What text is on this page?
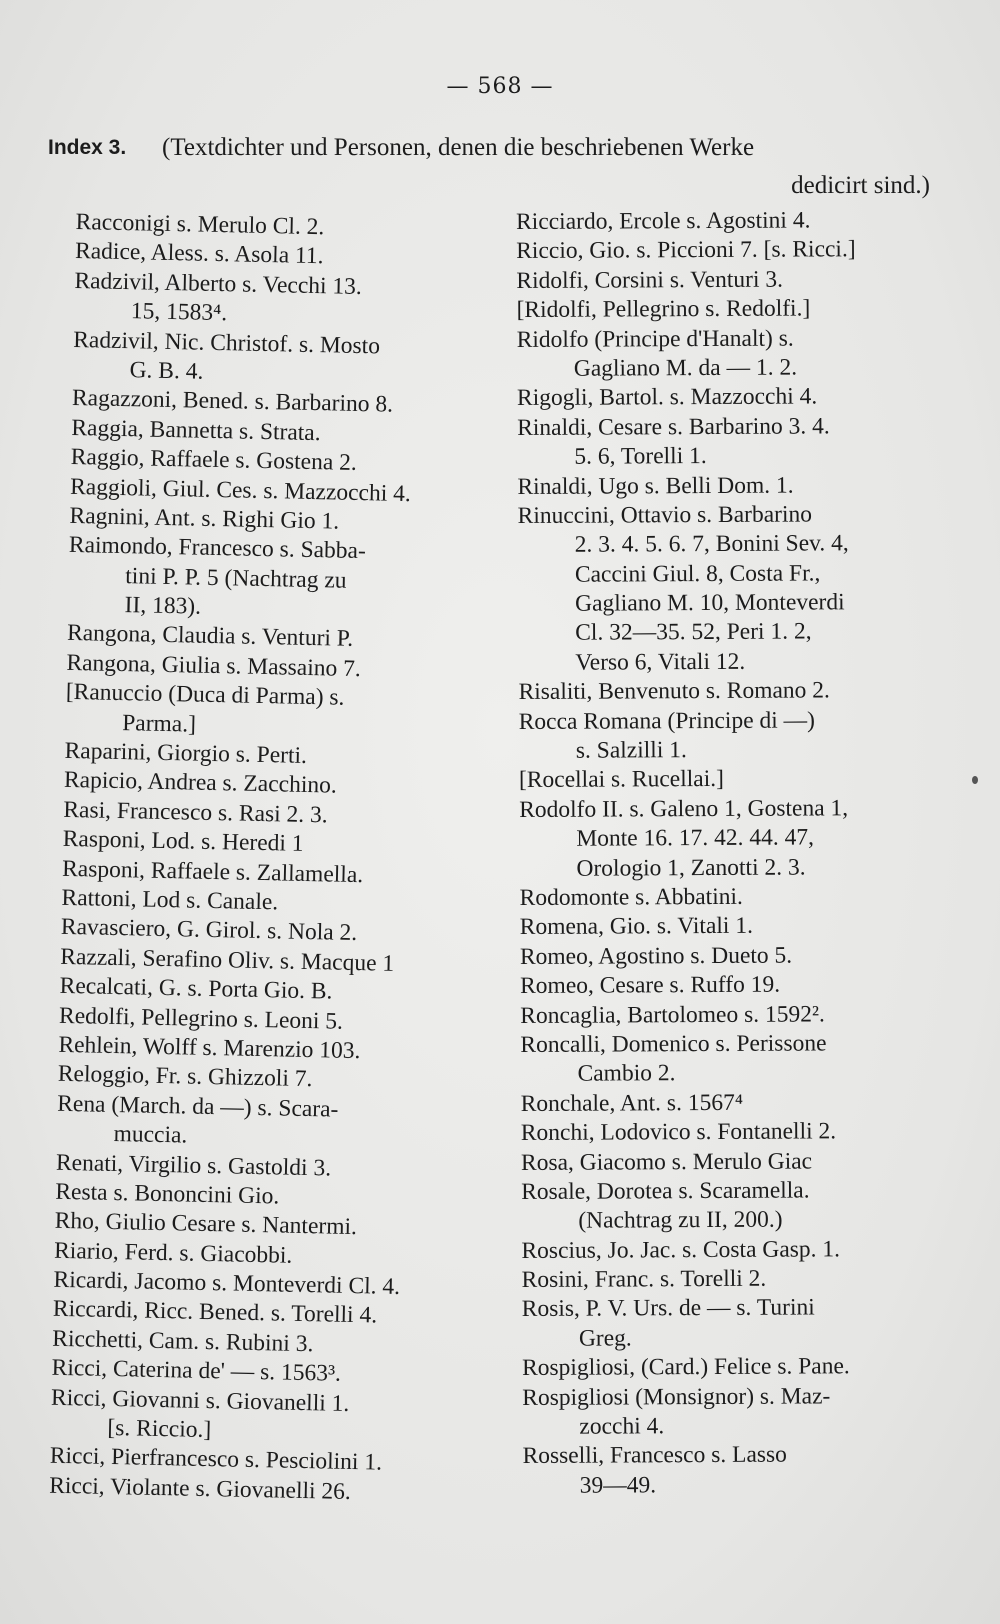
— 568 —
Index 3. (Textdichter und Personen, denen die beschriebenen Werke
dedicirt sind.)
Racconigi s. Merulo Cl. 2.
Radice, Aless. s. Asola 11.
Radzivil, Alberto s. Vecchi 13.
15, 1583⁴.
Radzivil, Nic. Christof. s. Mosto
G. B. 4.
Ragazzoni, Bened. s. Barbarino 8.
Raggia, Bannetta s. Strata.
Raggio, Raffaele s. Gostena 2.
Raggioli, Giul. Ces. s. Mazzocchi 4.
Ragnini, Ant. s. Righi Gio 1.
Raimondo, Francesco s. Sabba-
tini P. P. 5 (Nachtrag zu
II, 183).
Rangona, Claudia s. Venturi P.
Rangona, Giulia s. Massaino 7.
[Ranuccio (Duca di Parma) s.
Parma.]
Raparini, Giorgio s. Perti.
Rapicio, Andrea s. Zacchino.
Rasi, Francesco s. Rasi 2. 3.
Rasponi, Lod. s. Heredi 1
Rasponi, Raffaele s. Zallamella.
Rattoni, Lod s. Canale.
Ravasciero, G. Girol. s. Nola 2.
Razzali, Serafino Oliv. s. Macque 1
Recalcati, G. s. Porta Gio. B.
Redolfi, Pellegrino s. Leoni 5.
Rehlein, Wolff s. Marenzio 103.
Reloggio, Fr. s. Ghizzoli 7.
Rena (March. da —) s. Scara-
muccia.
Renati, Virgilio s. Gastoldi 3.
Resta s. Bononcini Gio.
Rho, Giulio Cesare s. Nantermi.
Riario, Ferd. s. Giacobbi.
Ricardi, Jacomo s. Monteverdi Cl. 4.
Riccardi, Ricc. Bened. s. Torelli 4.
Ricchetti, Cam. s. Rubini 3.
Ricci, Caterina de' — s. 1563³.
Ricci, Giovanni s. Giovanelli 1.
[s. Riccio.]
Ricci, Pierfrancesco s. Pesciolini 1.
Ricci, Violante s. Giovanelli 26.
Ricciardo, Ercole s. Agostini 4.
Riccio, Gio. s. Piccioni 7. [s. Ricci.]
Ridolfi, Corsini s. Venturi 3.
[Ridolfi, Pellegrino s. Redolfi.]
Ridolfo (Principe d'Hanalt) s.
Gagliano M. da — 1. 2.
Rigogli, Bartol. s. Mazzocchi 4.
Rinaldi, Cesare s. Barbarino 3. 4.
5. 6, Torelli 1.
Rinaldi, Ugo s. Belli Dom. 1.
Rinuccini, Ottavio s. Barbarino
2. 3. 4. 5. 6. 7, Bonini Sev. 4,
Caccini Giul. 8, Costa Fr.,
Gagliano M. 10, Monteverdi
Cl. 32—35. 52, Peri 1. 2,
Verso 6, Vitali 12.
Risaliti, Benvenuto s. Romano 2.
Rocca Romana (Principe di —)
s. Salzilli 1.
[Rocellai s. Rucellai.]
Rodolfo II. s. Galeno 1, Gostena 1,
Monte 16. 17. 42. 44. 47,
Orologio 1, Zanotti 2. 3.
Rodomonte s. Abbatini.
Romena, Gio. s. Vitali 1.
Romeo, Agostino s. Dueto 5.
Romeo, Cesare s. Ruffo 19.
Roncaglia, Bartolomeo s. 1592².
Roncalli, Domenico s. Perissone
Cambio 2.
Ronchale, Ant. s. 1567⁴
Ronchi, Lodovico s. Fontanelli 2.
Rosa, Giacomo s. Merulo Giac
Rosale, Dorotea s. Scaramella.
(Nachtrag zu II, 200.)
Roscius, Jo. Jac. s. Costa Gasp. 1.
Rosini, Franc. s. Torelli 2.
Rosis, P. V. Urs. de — s. Turini
Greg.
Rospigliosi, (Card.) Felice s. Pane.
Rospigliosi (Monsignor) s. Maz-
zocchi 4.
Rosselli, Francesco s. Lasso
39—49.
